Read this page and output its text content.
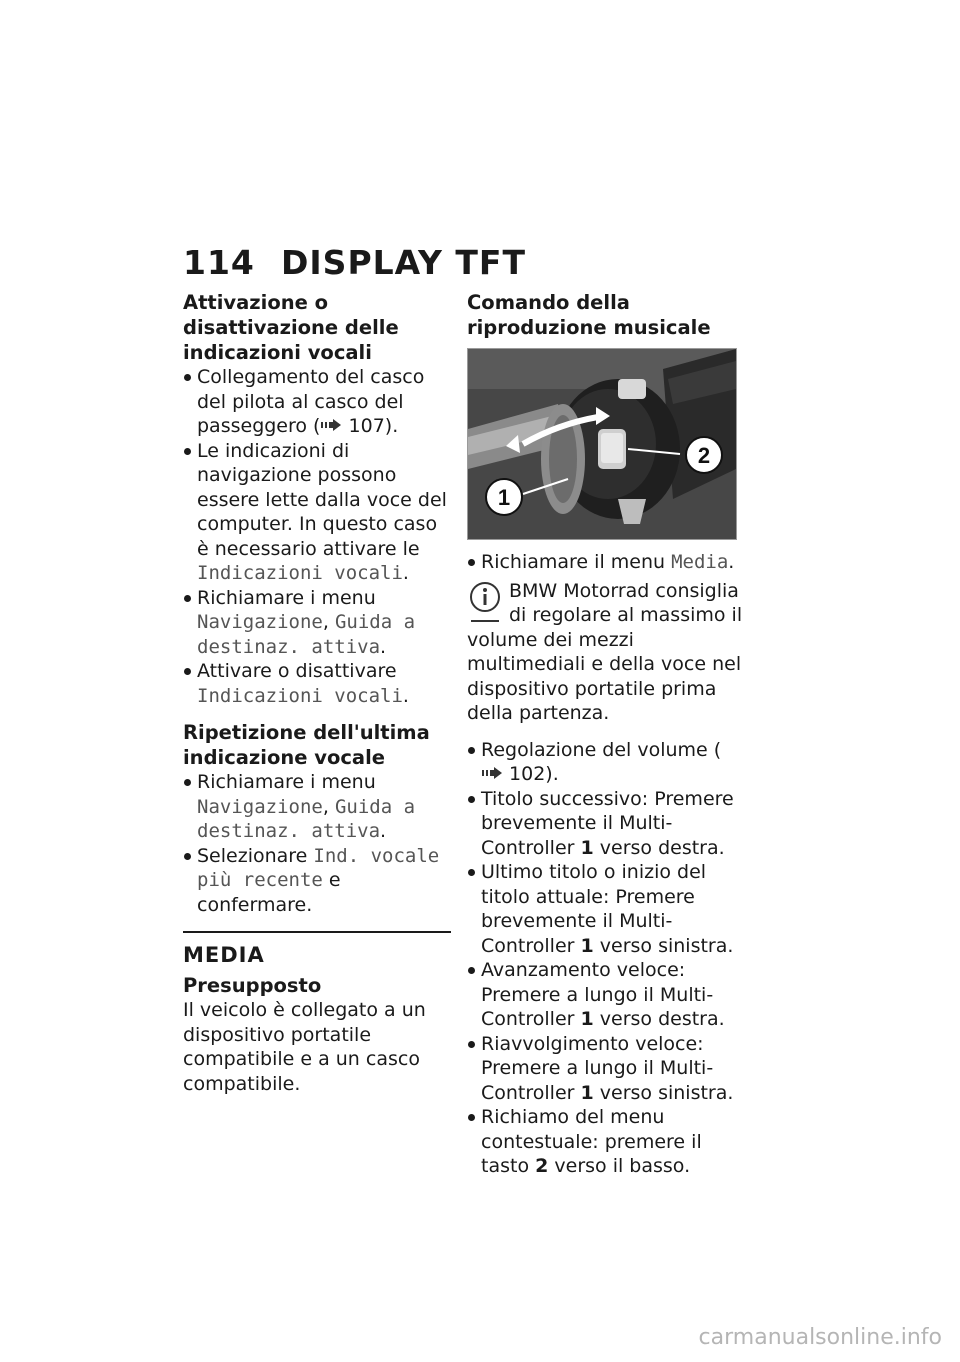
114 DISPLAY TFT
Attivazione o disattivazione delle indicazioni vocali
Collegamento del casco del pilota al casco del passeggero ( 107).
Le indicazioni di navigazione possono essere lette dalla voce del computer. In questo caso è necessario attivare le Indicazioni vocali.
Richiamare i menu Navigazione, Guida a destinaz. attiva.
Attivare o disattivare Indicazioni vocali.
Ripetizione dell'ultima indicazione vocale
Richiamare i menu Navigazione, Guida a destinaz. attiva.
Selezionare Ind. vocale più recente e confermare.
MEDIA
Presupposto

Il veicolo è collegato a un dispositivo portatile compatibile e a un casco compatibile.

Comando della riproduzione musicale
1
2
Richiamare il menu Media.
BMW Motorrad consiglia di regolare al massimo il
volume dei mezzi multimediali e della voce nel dispositivo portatile prima della partenza.
Regolazione del volume ( 102).
Titolo successivo: Premere brevemente il Multi-Controller 1 verso destra.
Ultimo titolo o inizio del titolo attuale: Premere brevemente il Multi-Controller 1 verso sinistra.
Avanzamento veloce: Premere a lungo il Multi-Controller 1 verso destra.
Riavvolgimento veloce: Premere a lungo il Multi-Controller 1 verso sinistra.
Richiamo del menu contestuale: premere il tasto 2 verso il basso.
carmanualsonline.info
